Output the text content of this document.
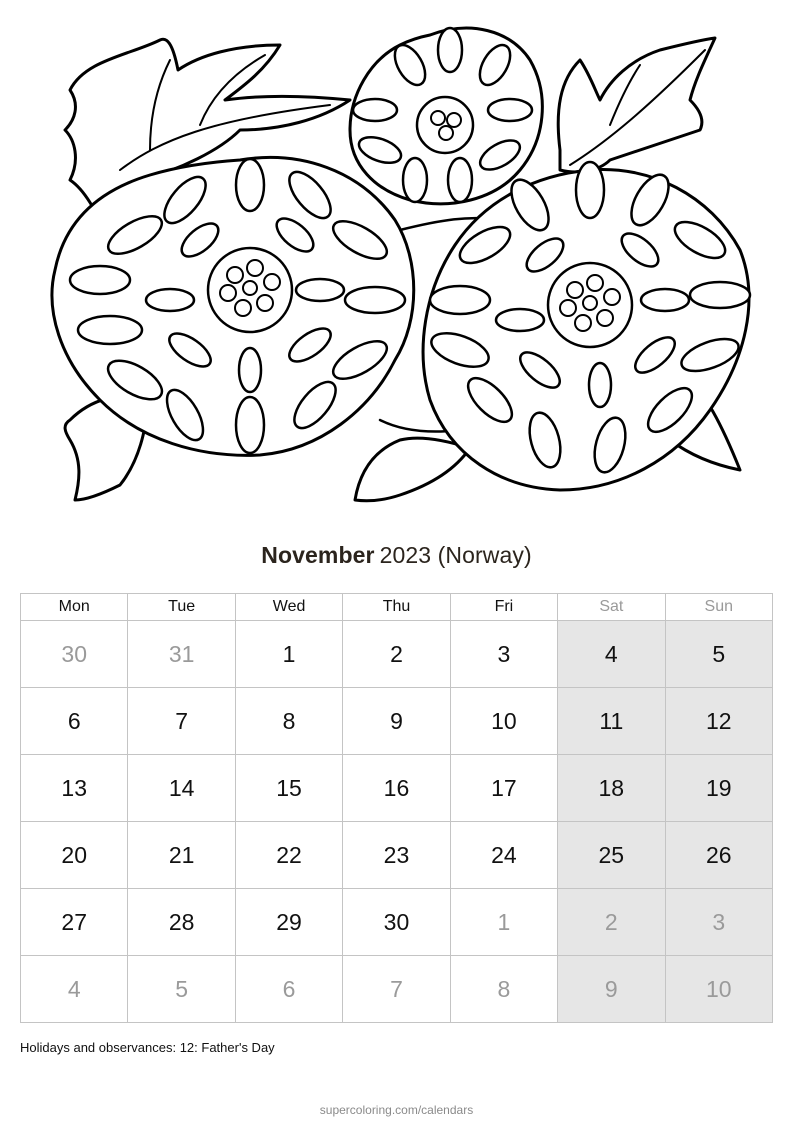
November 2023 (Norway)
Mon	Tue	Wed	Thu	Fri	Sat	Sun
30	31	1	2	3	4	5
6	7	8	9	10	11	12
13	14	15	16	17	18	19
20	21	22	23	24	25	26
27	28	29	30	1	2	3
4	5	6	7	8	9	10
Holidays and observances: 12: Father's Day
supercoloring.com/calendars
